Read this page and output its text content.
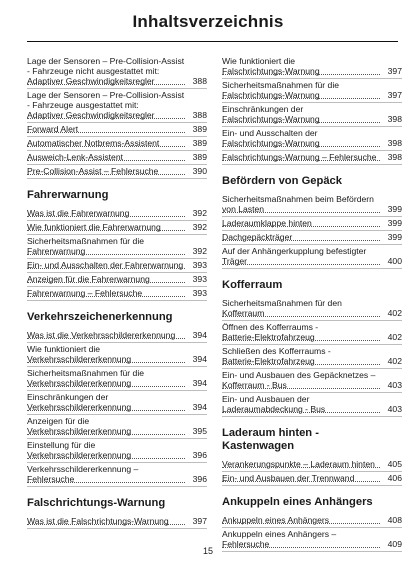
Inhaltsverzeichnis
Lage der Sensoren – Pre-Collision-Assist
- Fahrzeuge nicht ausgestattet mit:
Adaptiver Geschwindigkeitsregler	388
Lage der Sensoren – Pre-Collision-Assist
- Fahrzeuge ausgestattet mit:
Adaptiver Geschwindigkeitsregler	388
Forward Alert	389
Automatischer Notbrems-Assistent	389
Ausweich-Lenk-Assistent	389
Pre-Collision-Assist – Fehlersuche	390
Fahrerwarnung
Was ist die Fahrerwarnung	392
Wie funktioniert die Fahrerwarnung	392
Sicherheitsmaßnahmen für die
Fahrerwarnung	392
Ein- und Ausschalten der Fahrerwarnung	393
Anzeigen für die Fahrerwarnung	393
Fahrerwarnung – Fehlersuche	393
Verkehrszeichenerkennung
Was ist die Verkehrsschildererkennung	394
Wie funktioniert die
Verkehrsschildererkennung	394
Sicherheitsmaßnahmen für die
Verkehrsschildererkennung	394
Einschränkungen der
Verkehrsschildererkennung	394
Anzeigen für die
Verkehrsschildererkennung	395
Einstellung für die
Verkehrsschildererkennung	396
Verkehrsschildererkennung –
Fehlersuche	396
Falschrichtungs-Warnung
Was ist die Falschrichtungs-Warnung	397
Wie funktioniert die
Falschrichtungs-Warnung	397
Sicherheitsmaßnahmen für die
Falschrichtungs-Warnung	397
Einschränkungen der
Falschrichtungs-Warnung	398
Ein- und Ausschalten der
Falschrichtungs-Warnung	398
Falschrichtungs-Warnung – Fehlersuche	398
Befördern von Gepäck
Sicherheitsmaßnahmen beim Befördern
von Lasten	399
Laderaumklappe hinten	399
Dachgepäckträger	399
Auf der Anhängerkupplung befestigter
Träger	400
Kofferraum
Sicherheitsmaßnahmen für den
Kofferraum	402
Öffnen des Kofferraums -
Batterie-Elektrofahrzeug	402
Schließen des Kofferraums -
Batterie-Elektrofahrzeug	402
Ein- und Ausbauen des Gepäcknetzes –
Kofferraum - Bus	403
Ein- und Ausbauen der
Laderaumabdeckung - Bus	403
Laderaum hinten -
Kastenwagen
Verankerungspunkte – Laderaum hinten	405
Ein- und Ausbauen der Trennwand	406
Ankuppeln eines Anhängers
Ankuppeln eines Anhängers	408
Ankuppeln eines Anhängers –
Fehlersuche	409
15
